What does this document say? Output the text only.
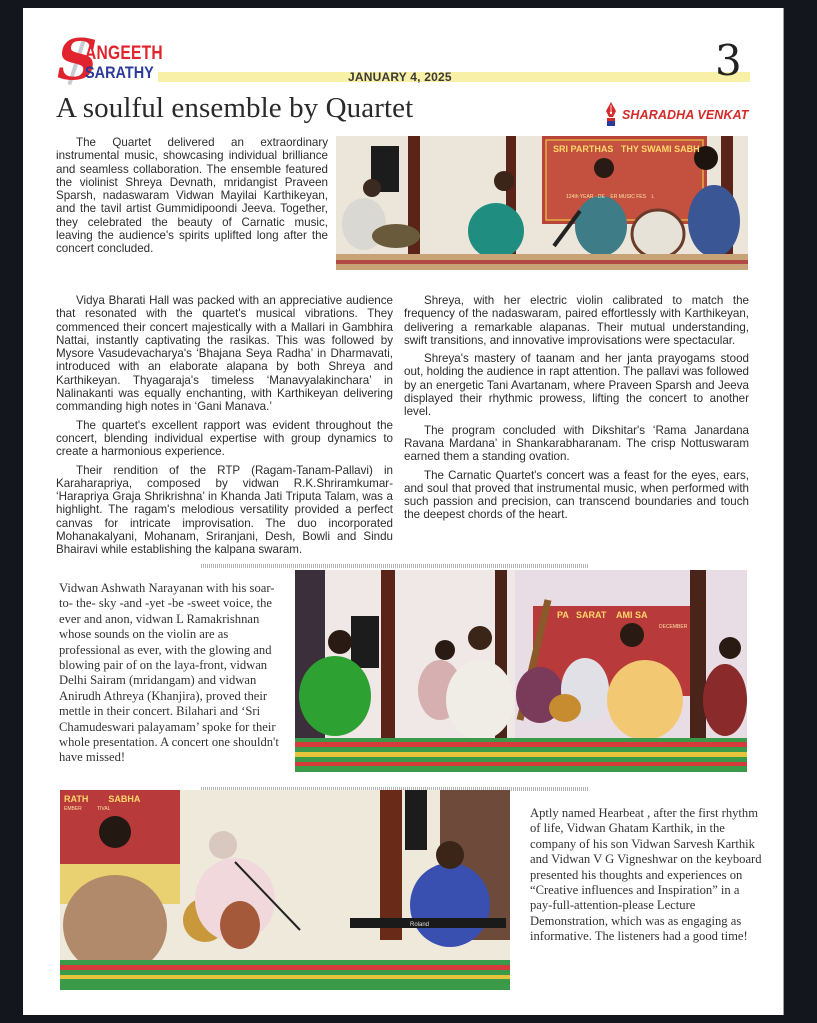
S
ANGEETH
SARATHY	JANUARY 4, 2025	3
A soulful ensemble by Quartet	SHARADHA VENKAT

The Quartet delivered an extraordinary instrumental music, showcasing individual brilliance and seamless collaboration. The ensemble featured the violinist Shreya Devnath, mridangist Praveen Sparsh, nadaswaram Vidwan Mayilai Karthikeyan, and the tavil artist Gummidipoondi Jeeva. Together, they celebrated the beauty of Carnatic music, leaving the audience's spirits uplifted long after the concert concluded.

Vidya Bharati Hall was packed with an appreciative audience that resonated with the quartet's musical vibrations. They commenced their concert majestically with a Mallari in Gambhira Nattai, instantly captivating the rasikas. This was followed by Mysore Vasudevacharya's ‘Bhajana Seya Radha’ in Dharmavati, introduced with an elaborate alapana by both Shreya and Karthikeyan. Thyagaraja's timeless ‘Manavyalakinchara’ in Nalinakanti was equally enchanting, with Karthikeyan delivering commanding high notes in ‘Gani Manava.’

The quartet's excellent rapport was evident throughout the concert, blending individual expertise with group dynamics to create a harmonious experience.

Their rendition of the RTP (Ragam-Tanam-Pallavi) in Karaharapriya, composed by vidwan R.K.Shriramkumar- ‘Harapriya Graja Shrikrishna’ in Khanda Jati Triputa Talam, was a highlight. The ragam's melodious versatility provided a perfect canvas for intricate improvisation. The duo incorporated Mohanakalyani, Mohanam, Sriranjani, Desh, Bowli and Sindu Bhairavi while establishing the kalpana swaram.

Shreya, with her electric violin calibrated to match the frequency of the nadaswaram, paired effortlessly with Karthikeyan, delivering a remarkable alapanas. Their mutual understanding, swift transitions, and innovative improvisations were spectacular.

Shreya's mastery of taanam and her janta prayogams stood out, holding the audience in rapt attention. The pallavi was followed by an energetic Tani Avartanam, where Praveen Sparsh and Jeeva displayed their rhythmic prowess, lifting the concert to another level.

The program concluded with Dikshitar's ‘Rama Janardana Ravana Mardana’ in Shankarabharanam. The crisp Nottuswaram earned them a standing ovation.

The Carnatic Quartet's concert was a feast for the eyes, ears, and soul that proved that instrumental music, when performed with such passion and precision, can transcend boundaries and touch the deepest chords of the heart.

SRI PARTHAS   THY SWAMI SABH
124th YEAR - DE    ER MUSIC FES    L

Vidwan Ashwath Narayanan with his soar- to- the- sky -and -yet -be -sweet voice, the ever and anon, vidwan L Ramakrishnan whose sounds on the violin are as professional as ever, with the glowing and blowing pair of on the laya-front, vidwan Delhi Sairam (mridangam) and vidwan Anirudh Athreya (Khanjira), proved their mettle in their concert. Bilahari and ‘Sri Chamudeswari palayamam’ spoke for their whole presentation. A concert one shouldn't have missed!

PA   SARAT    AMI SA
DECEMBER
Roland
RATH        SABHA
EMBER           TIVAL	Aptly named Hearbeat , after the first rhythm of life, Vidwan Ghatam Karthik, in the company of his son Vidwan Sarvesh Karthik and Vidwan V G Vigneshwar on the keyboard presented his thoughts and experiences on “Creative influences and Inspiration” in a pay-full-attention-please Lecture Demonstration, which was as engaging as informative. The listeners had a good time!
